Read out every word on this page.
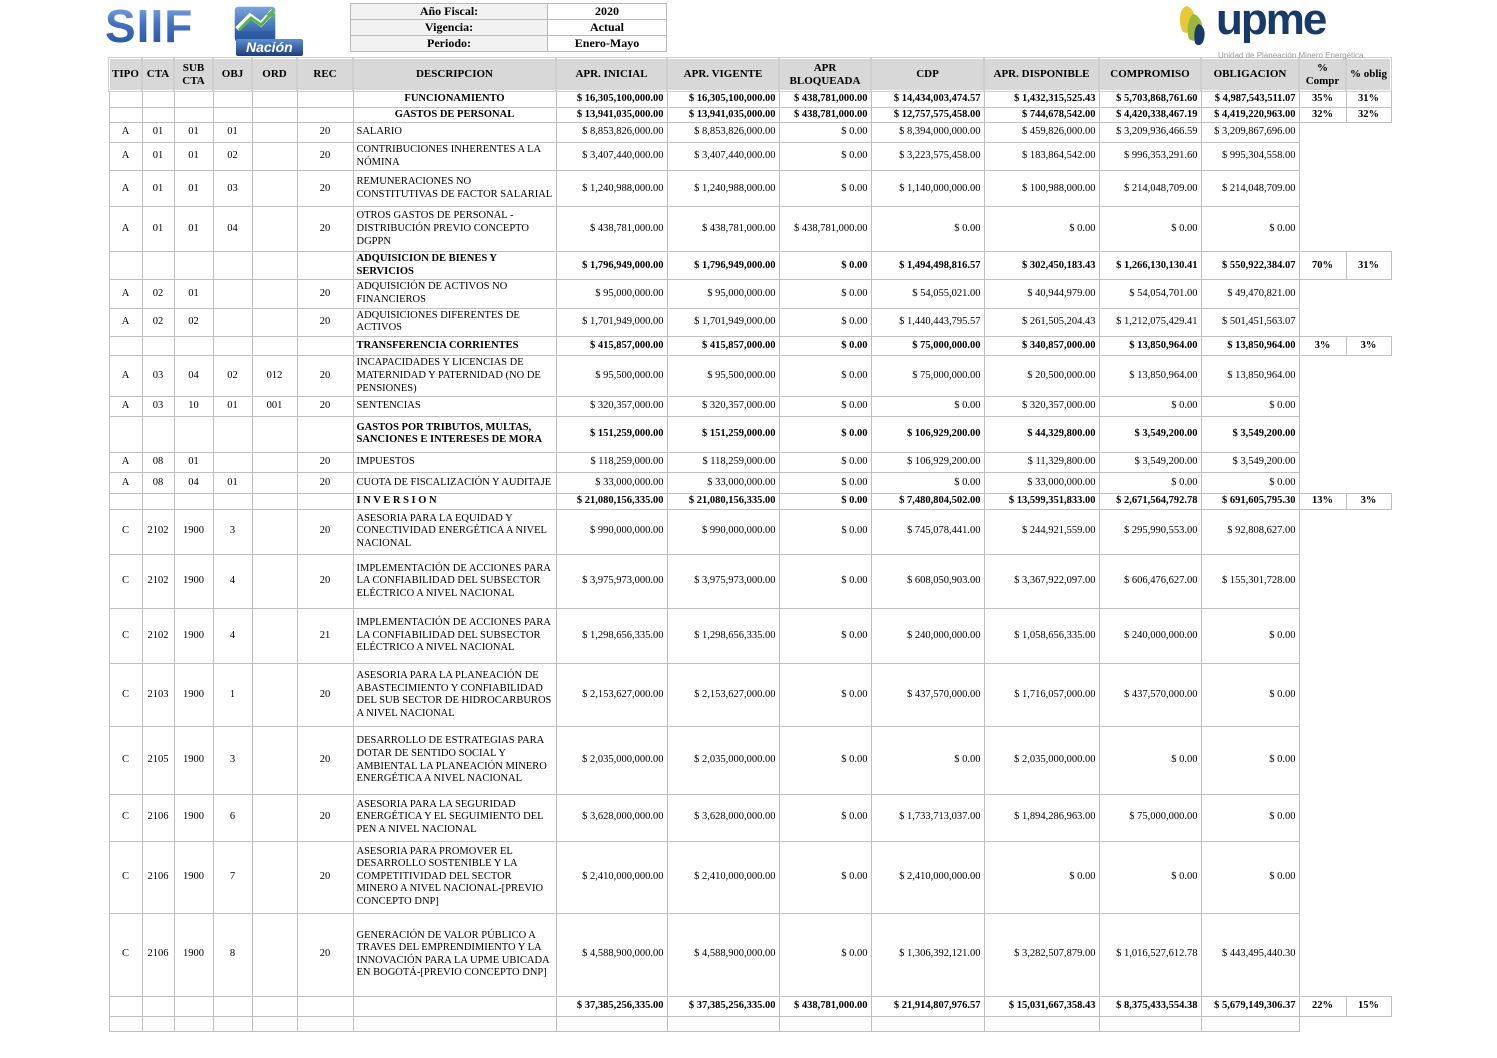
SIIF	Nación
Año Fiscal:	2020
Vigencia:	Actual
Periodo:	Enero-Mayo	upme
Unidad de Planeación Minero Energética
TIPO	CTA	SUB CTA	OBJ	ORD	REC	DESCRIPCION	APR. INICIAL	APR. VIGENTE	APR BLOQUEADA	CDP	APR. DISPONIBLE	COMPROMISO	OBLIGACION	% Compr	% oblig
						FUNCIONAMIENTO	$ 16,305,100,000.00	$ 16,305,100,000.00	$ 438,781,000.00	$ 14,434,003,474.57	$ 1,432,315,525.43	$ 5,703,868,761.60	$ 4,987,543,511.07	35%	31%
						GASTOS DE PERSONAL	$ 13,941,035,000.00	$ 13,941,035,000.00	$ 438,781,000.00	$ 12,757,575,458.00	$ 744,678,542.00	$ 4,420,338,467.19	$ 4,419,220,963.00	32%	32%
A	01	01	01		20	SALARIO	$ 8,853,826,000.00	$ 8,853,826,000.00	$ 0.00	$ 8,394,000,000.00	$ 459,826,000.00	$ 3,209,936,466.59	$ 3,209,867,696.00		
A	01	01	02		20	CONTRIBUCIONES INHERENTES A LA NÓMINA	$ 3,407,440,000.00	$ 3,407,440,000.00	$ 0.00	$ 3,223,575,458.00	$ 183,864,542.00	$ 996,353,291.60	$ 995,304,558.00		
A	01	01	03		20	REMUNERACIONES NO CONSTITUTIVAS DE FACTOR SALARIAL	$ 1,240,988,000.00	$ 1,240,988,000.00	$ 0.00	$ 1,140,000,000.00	$ 100,988,000.00	$ 214,048,709.00	$ 214,048,709.00		
A	01	01	04		20	OTROS GASTOS DE PERSONAL - DISTRIBUCIÓN PREVIO CONCEPTO DGPPN	$ 438,781,000.00	$ 438,781,000.00	$ 438,781,000.00	$ 0.00	$ 0.00	$ 0.00	$ 0.00		
						ADQUISICION DE BIENES Y SERVICIOS	$ 1,796,949,000.00	$ 1,796,949,000.00	$ 0.00	$ 1,494,498,816.57	$ 302,450,183.43	$ 1,266,130,130.41	$ 550,922,384.07	70%	31%
A	02	01			20	ADQUISICIÓN DE ACTIVOS NO FINANCIEROS	$ 95,000,000.00	$ 95,000,000.00	$ 0.00	$ 54,055,021.00	$ 40,944,979.00	$ 54,054,701.00	$ 49,470,821.00		
A	02	02			20	ADQUISICIONES DIFERENTES DE ACTIVOS	$ 1,701,949,000.00	$ 1,701,949,000.00	$ 0.00	$ 1,440,443,795.57	$ 261,505,204.43	$ 1,212,075,429.41	$ 501,451,563.07		
						TRANSFERENCIA CORRIENTES	$ 415,857,000.00	$ 415,857,000.00	$ 0.00	$ 75,000,000.00	$ 340,857,000.00	$ 13,850,964.00	$ 13,850,964.00	3%	3%
A	03	04	02	012	20	INCAPACIDADES Y LICENCIAS DE MATERNIDAD Y PATERNIDAD (NO DE PENSIONES)	$ 95,500,000.00	$ 95,500,000.00	$ 0.00	$ 75,000,000.00	$ 20,500,000.00	$ 13,850,964.00	$ 13,850,964.00		
A	03	10	01	001	20	SENTENCIAS	$ 320,357,000.00	$ 320,357,000.00	$ 0.00	$ 0.00	$ 320,357,000.00	$ 0.00	$ 0.00		
						GASTOS POR TRIBUTOS, MULTAS, SANCIONES E INTERESES DE MORA	$ 151,259,000.00	$ 151,259,000.00	$ 0.00	$ 106,929,200.00	$ 44,329,800.00	$ 3,549,200.00	$ 3,549,200.00		
A	08	01			20	IMPUESTOS	$ 118,259,000.00	$ 118,259,000.00	$ 0.00	$ 106,929,200.00	$ 11,329,800.00	$ 3,549,200.00	$ 3,549,200.00		
A	08	04	01		20	CUOTA DE FISCALIZACIÓN Y AUDITAJE	$ 33,000,000.00	$ 33,000,000.00	$ 0.00	$ 0.00	$ 33,000,000.00	$ 0.00	$ 0.00		
						I N V E R S I O N	$ 21,080,156,335.00	$ 21,080,156,335.00	$ 0.00	$ 7,480,804,502.00	$ 13,599,351,833.00	$ 2,671,564,792.78	$ 691,605,795.30	13%	3%
C	2102	1900	3		20	ASESORIA PARA LA EQUIDAD Y CONECTIVIDAD ENERGÉTICA A NIVEL NACIONAL	$ 990,000,000.00	$ 990,000,000.00	$ 0.00	$ 745,078,441.00	$ 244,921,559.00	$ 295,990,553.00	$ 92,808,627.00		
C	2102	1900	4		20	IMPLEMENTACIÓN DE ACCIONES PARA LA CONFIABILIDAD DEL SUBSECTOR ELÉCTRICO A NIVEL NACIONAL	$ 3,975,973,000.00	$ 3,975,973,000.00	$ 0.00	$ 608,050,903.00	$ 3,367,922,097.00	$ 606,476,627.00	$ 155,301,728.00		
C	2102	1900	4		21	IMPLEMENTACIÓN DE ACCIONES PARA LA CONFIABILIDAD DEL SUBSECTOR ELÉCTRICO A NIVEL NACIONAL	$ 1,298,656,335.00	$ 1,298,656,335.00	$ 0.00	$ 240,000,000.00	$ 1,058,656,335.00	$ 240,000,000.00	$ 0.00		
C	2103	1900	1		20	ASESORIA PARA LA PLANEACIÓN DE ABASTECIMIENTO Y CONFIABILIDAD DEL SUB SECTOR DE HIDROCARBUROS A NIVEL NACIONAL	$ 2,153,627,000.00	$ 2,153,627,000.00	$ 0.00	$ 437,570,000.00	$ 1,716,057,000.00	$ 437,570,000.00	$ 0.00		
C	2105	1900	3		20	DESARROLLO DE ESTRATEGIAS PARA DOTAR DE SENTIDO SOCIAL Y AMBIENTAL LA PLANEACIÓN MINERO ENERGÉTICA A NIVEL NACIONAL	$ 2,035,000,000.00	$ 2,035,000,000.00	$ 0.00	$ 0.00	$ 2,035,000,000.00	$ 0.00	$ 0.00		
C	2106	1900	6		20	ASESORIA PARA LA SEGURIDAD ENERGÉTICA Y EL SEGUIMIENTO DEL PEN A NIVEL NACIONAL	$ 3,628,000,000.00	$ 3,628,000,000.00	$ 0.00	$ 1,733,713,037.00	$ 1,894,286,963.00	$ 75,000,000.00	$ 0.00		
C	2106	1900	7		20	ASESORIA PARA PROMOVER EL DESARROLLO SOSTENIBLE Y LA COMPETITIVIDAD DEL SECTOR MINERO A NIVEL NACIONAL-[PREVIO CONCEPTO DNP]	$ 2,410,000,000.00	$ 2,410,000,000.00	$ 0.00	$ 2,410,000,000.00	$ 0.00	$ 0.00	$ 0.00		
C	2106	1900	8		20	GENERACIÓN DE VALOR PÚBLICO A TRAVES DEL EMPRENDIMIENTO Y LA INNOVACIÓN PARA LA UPME UBICADA EN BOGOTÁ-[PREVIO CONCEPTO DNP]	$ 4,588,900,000.00	$ 4,588,900,000.00	$ 0.00	$ 1,306,392,121.00	$ 3,282,507,879.00	$ 1,016,527,612.78	$ 443,495,440.30		
							$ 37,385,256,335.00	$ 37,385,256,335.00	$ 438,781,000.00	$ 21,914,807,976.57	$ 15,031,667,358.43	$ 8,375,433,554.38	$ 5,679,149,306.37	22%	15%
